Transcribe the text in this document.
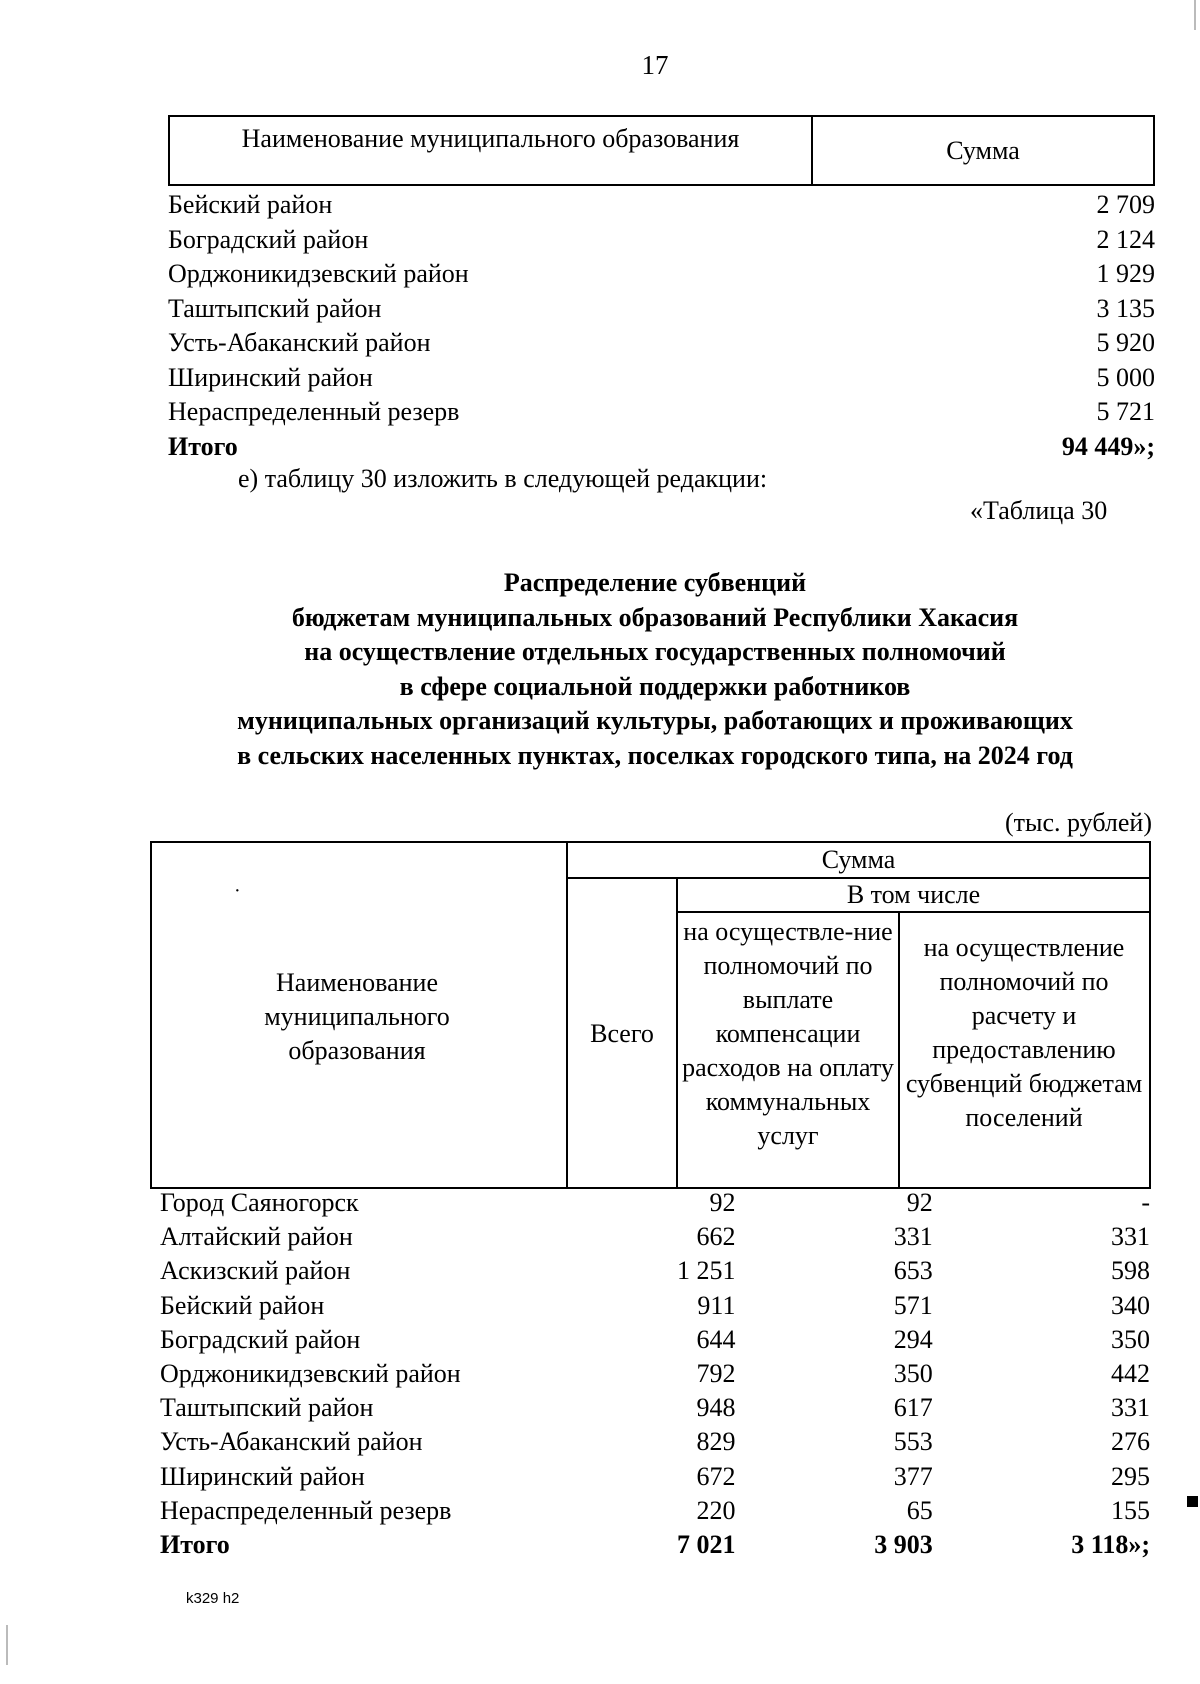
17
Наименование муниципального образования	Сумма
Бейский район	2 709
Боградский район	2 124
Орджоникидзевский район	1 929
Таштыпский район	3 135
Усть-Абаканский район	5 920
Ширинский район	5 000
Нераспределенный резерв	5 721
Итого	94 449»;
е) таблицу 30 изложить в следующей редакции:
«Таблица 30
Распределение субвенций
бюджетам муниципальных образований Республики Хакасия
на осуществление отдельных государственных полномочий
в сфере социальной поддержки работников
муниципальных организаций культуры, работающих и проживающих
в сельских населенных пунктах, поселках городского типа, на 2024 год
(тыс. рублей)
·
Наименование муниципального образования
Сумма
В том числе
Всего
на осуществле-ние полномочий по выплате компенсации расходов на оплату коммунальных услуг
на осуществление полномочий по расчету и предоставлению субвенций бюджетам поселений
Город Саяногорск	92	92	-
Алтайский район	662	331	331
Аскизский район	1 251	653	598
Бейский район	911	571	340
Боградский район	644	294	350
Орджоникидзевский район	792	350	442
Таштыпский район	948	617	331
Усть-Абаканский район	829	553	276
Ширинский район	672	377	295
Нераспределенный резерв	220	65	155
Итого	7 021	3 903	3 118»;
k329 h2
